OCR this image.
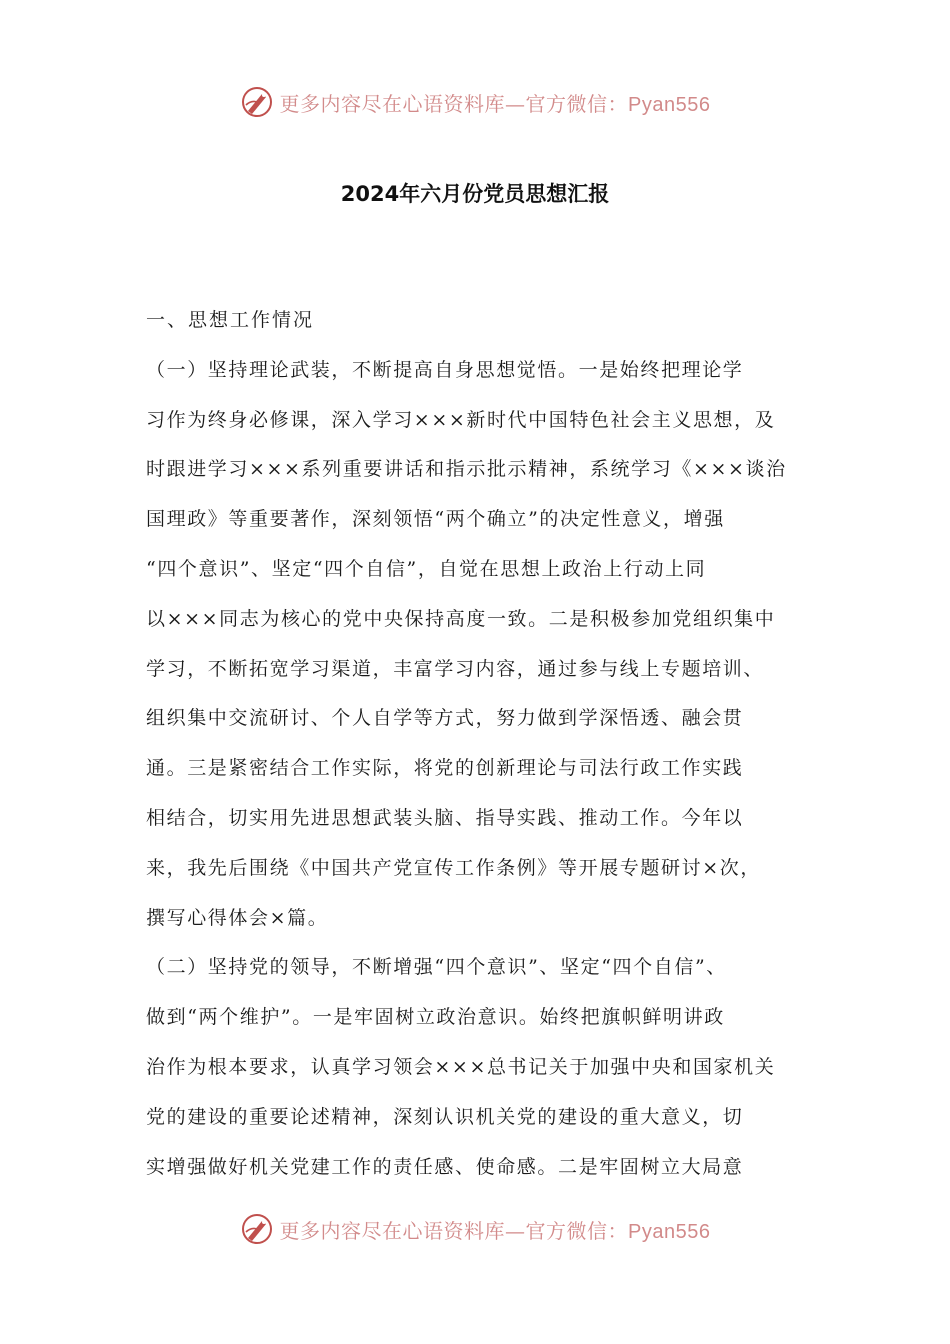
更多内容尽在心语资料库—官方微信：Pyan556
2024年六月份党员思想汇报
一、思想工作情况
（一）坚持理论武装，不断提高自身思想觉悟。一是始终把理论学
习作为终身必修课，深入学习×××新时代中国特色社会主义思想，及
时跟进学习×××系列重要讲话和指示批示精神，系统学习《×××谈治
国理政》等重要著作，深刻领悟“两个确立”的决定性意义，增强
“四个意识”、坚定“四个自信”，自觉在思想上政治上行动上同
以×××同志为核心的党中央保持高度一致。二是积极参加党组织集中
学习，不断拓宽学习渠道，丰富学习内容，通过参与线上专题培训、
组织集中交流研讨、个人自学等方式，努力做到学深悟透、融会贯
通。三是紧密结合工作实际，将党的创新理论与司法行政工作实践
相结合，切实用先进思想武装头脑、指导实践、推动工作。今年以
来，我先后围绕《中国共产党宣传工作条例》等开展专题研讨×次，
撰写心得体会×篇。
（二）坚持党的领导，不断增强“四个意识”、坚定“四个自信”、
做到“两个维护”。一是牢固树立政治意识。始终把旗帜鲜明讲政
治作为根本要求，认真学习领会×××总书记关于加强中央和国家机关
党的建设的重要论述精神，深刻认识机关党的建设的重大意义，切
实增强做好机关党建工作的责任感、使命感。二是牢固树立大局意
更多内容尽在心语资料库—官方微信：Pyan556
